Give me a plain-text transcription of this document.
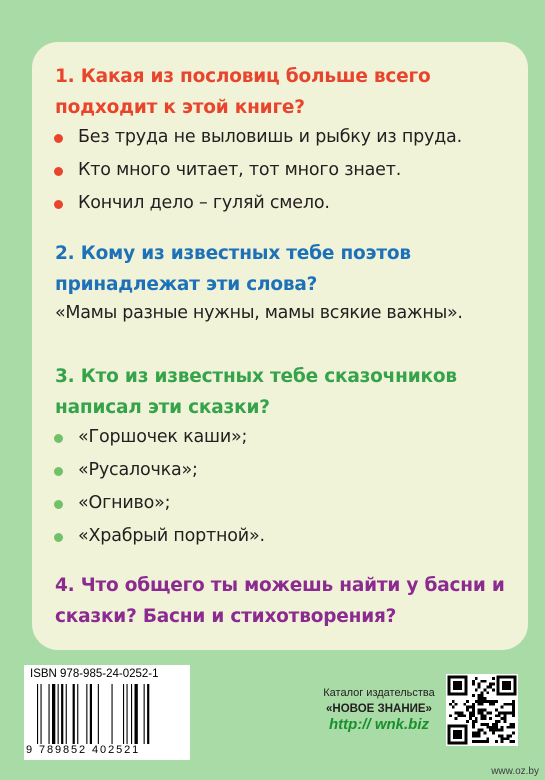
1. Какая из пословиц больше всего подходит к этой книге?
Без труда не выловишь и рыбку из пруда.
Кто много читает, тот много знает.
Кончил дело – гуляй смело.
2. Кому из известных тебе поэтов принадлежат эти слова?
«Мамы разные нужны, мамы всякие важны».
3. Кто из известных тебе сказочников написал эти сказки?
«Горшочек каши»;
«Русалочка»;
«Огниво»;
«Храбрый портной».
4. Что общего ты можешь найти у басни и сказки? Басни и стихотворения?
ISBN 978-985-24-0252-1
9 789852 402521
Каталог издательства
«НОВОЕ ЗНАНИЕ»
http:// wnk.biz
www.oz.by
